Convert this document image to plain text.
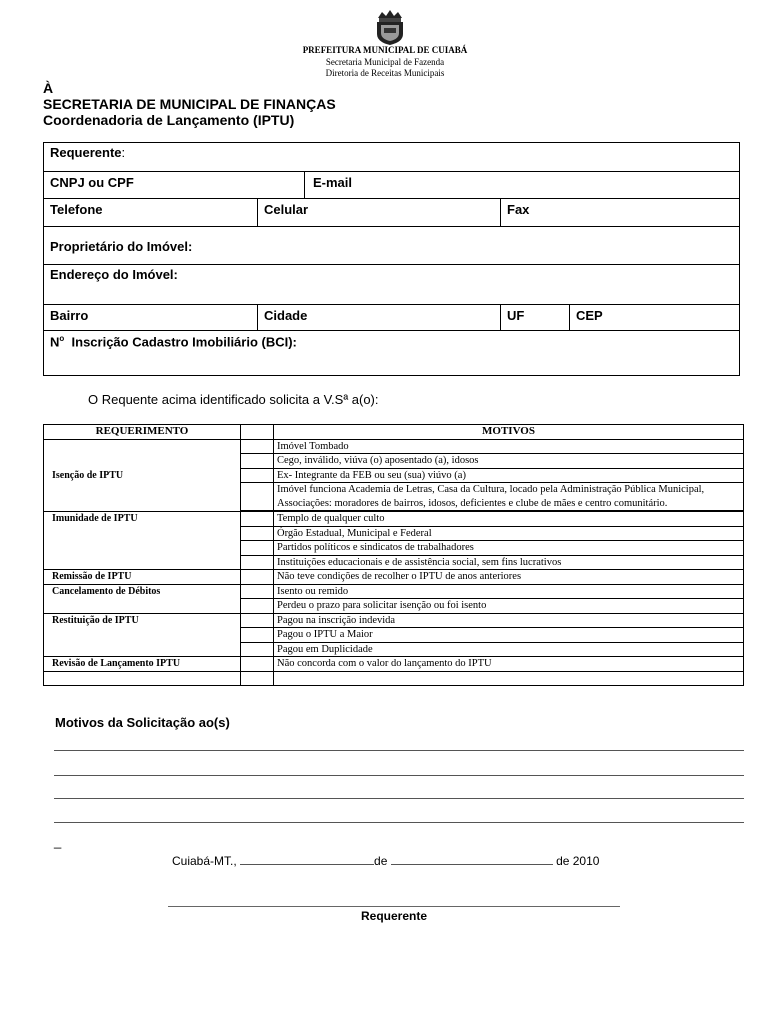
PREFEITURA MUNICIPAL DE CUIABÁ
Secretaria Municipal de Fazenda
Diretoria de Receitas Municipais
À
SECRETARIA DE MUNICIPAL DE FINANÇAS
Coordenadoria de Lançamento (IPTU)
Requerente:
CNPJ ou CPF	E-mail
Telefone	Celular	Fax
Proprietário do Imóvel:
Endereço do Imóvel:
Bairro	Cidade	UF	CEP
$N^o$ Inscrição Cadastro Imobiliário (BCI):
O Requente acima identificado solicita a V.Sª a(o):
REQUERIMENTO		MOTIVOS
Isenção de IPTU		Imóvel Tombado
		Cego, inválido, viúva (o) aposentado (a), idosos
		Ex- Integrante da FEB ou seu (sua) viúvo (a)
		Imóvel funciona Academia de Letras, Casa da Cultura, locado pela Administração Pública Municipal, Associações: moradores de bairros, idosos, deficientes e clube de mães e centro comunitário.

Imunidade de IPTU		Templo de qualquer culto
		Órgão Estadual, Municipal e Federal
		Partidos políticos e sindicatos de trabalhadores
		Instituições educacionais e de assistência social, sem fins lucrativos
Remissão de IPTU		Não teve condições de recolher o IPTU de anos anteriores
Cancelamento de Débitos		Isento ou remido
		Perdeu o prazo para solicitar isenção ou foi isento
Restituição de IPTU		Pagou na inscrição indevida
		Pagou o IPTU a Maior
		Pagou em Duplicidade
Revisão de Lançamento IPTU		Não concorda com o valor do lançamento do IPTU

Motivos da Solicitação ao(s)
_
Cuiabá-MT.,	de	de 2010
Requerente
